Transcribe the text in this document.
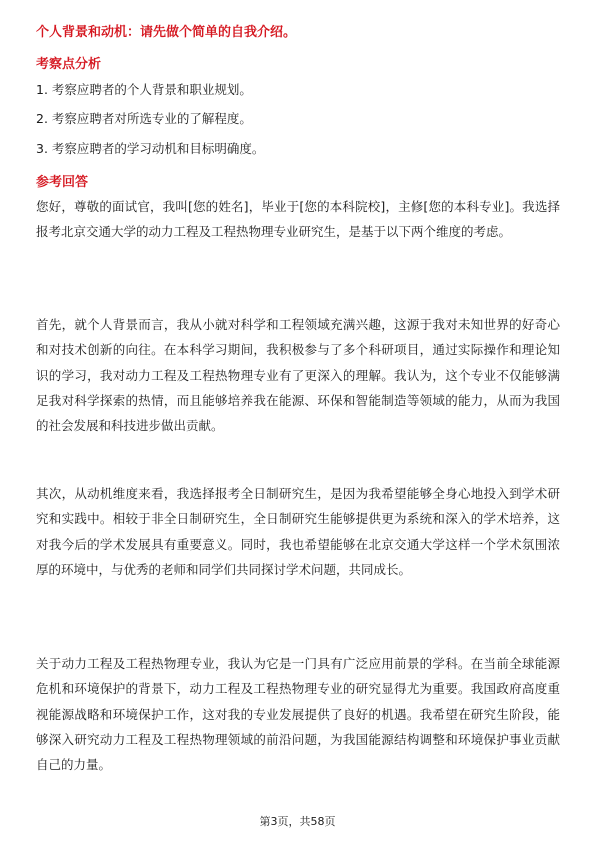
个人背景和动机：请先做个简单的自我介绍。
考察点分析
1. 考察应聘者的个人背景和职业规划。
2. 考察应聘者对所选专业的了解程度。
3. 考察应聘者的学习动机和目标明确度。
参考回答

您好，尊敬的面试官，我叫[您的姓名]，毕业于[您的本科院校]，主修[您的本科专业]。我选择报考北京交通大学的动力工程及工程热物理专业研究生，是基于以下两个维度的考虑。

首先，就个人背景而言，我从小就对科学和工程领域充满兴趣，这源于我对未知世界的好奇心和对技术创新的向往。在本科学习期间，我积极参与了多个科研项目，通过实际操作和理论知识的学习，我对动力工程及工程热物理专业有了更深入的理解。我认为，这个专业不仅能够满足我对科学探索的热情，而且能够培养我在能源、环保和智能制造等领域的能力，从而为我国的社会发展和科技进步做出贡献。

其次，从动机维度来看，我选择报考全日制研究生，是因为我希望能够全身心地投入到学术研究和实践中。相较于非全日制研究生，全日制研究生能够提供更为系统和深入的学术培养，这对我今后的学术发展具有重要意义。同时，我也希望能够在北京交通大学这样一个学术氛围浓厚的环境中，与优秀的老师和同学们共同探讨学术问题，共同成长。

关于动力工程及工程热物理专业，我认为它是一门具有广泛应用前景的学科。在当前全球能源危机和环境保护的背景下，动力工程及工程热物理专业的研究显得尤为重要。我国政府高度重视能源战略和环境保护工作，这对我的专业发展提供了良好的机遇。我希望在研究生阶段，能够深入研究动力工程及工程热物理领域的前沿问题，为我国能源结构调整和环境保护事业贡献自己的力量。

第3页，共58页
